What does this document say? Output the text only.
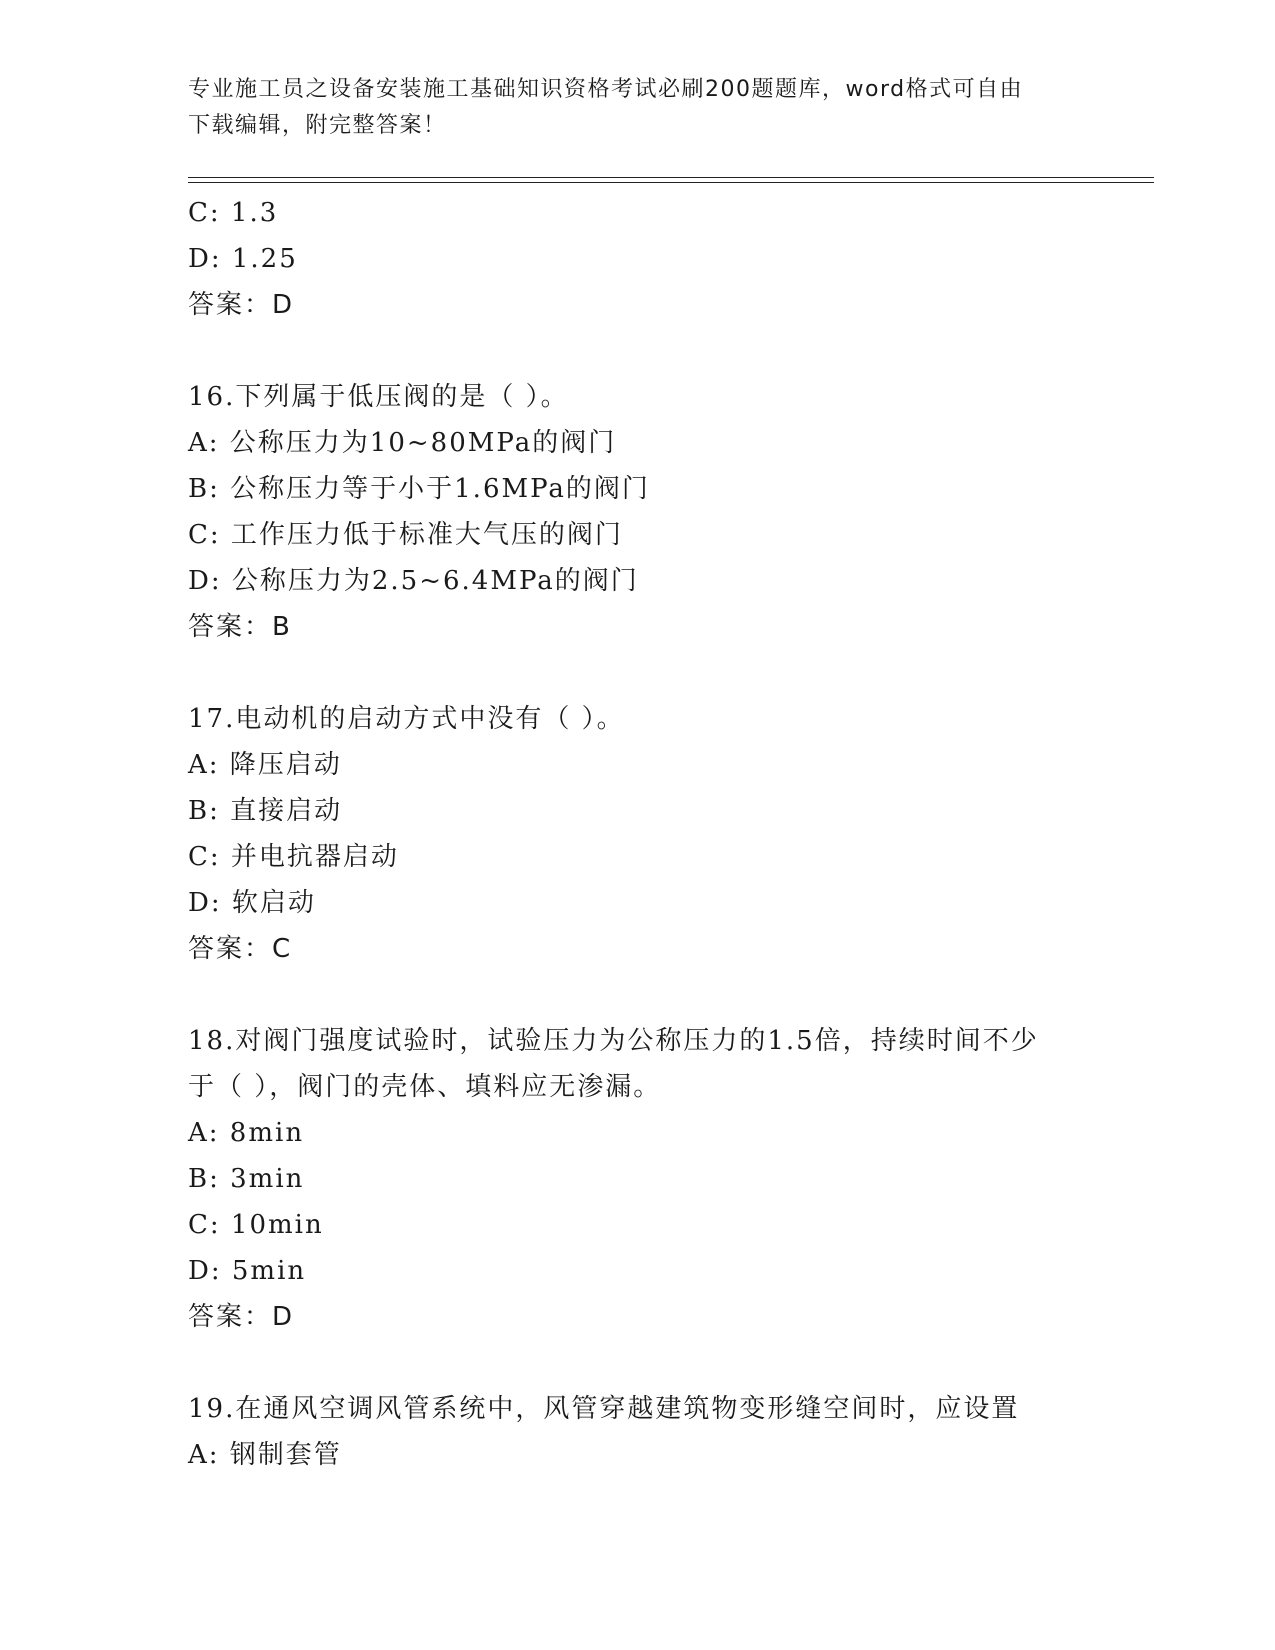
专业施工员之设备安装施工基础知识资格考试必刷200题题库，word格式可自由
下载编辑，附完整答案！
C: 1.3
D: 1.25
答案：D
16.下列属于低压阀的是（ ）。
A: 公称压力为10~80MPa的阀门
B: 公称压力等于小于1.6MPa的阀门
C: 工作压力低于标准大气压的阀门
D: 公称压力为2.5~6.4MPa的阀门
答案：B
17.电动机的启动方式中没有（ ）。
A: 降压启动
B: 直接启动
C: 并电抗器启动
D: 软启动
答案：C
18.对阀门强度试验时，试验压力为公称压力的1.5倍，持续时间不少
于（ ），阀门的壳体、填料应无渗漏。
A: 8min
B: 3min
C: 10min
D: 5min
答案：D
19.在通风空调风管系统中，风管穿越建筑物变形缝空间时，应设置
A: 钢制套管
